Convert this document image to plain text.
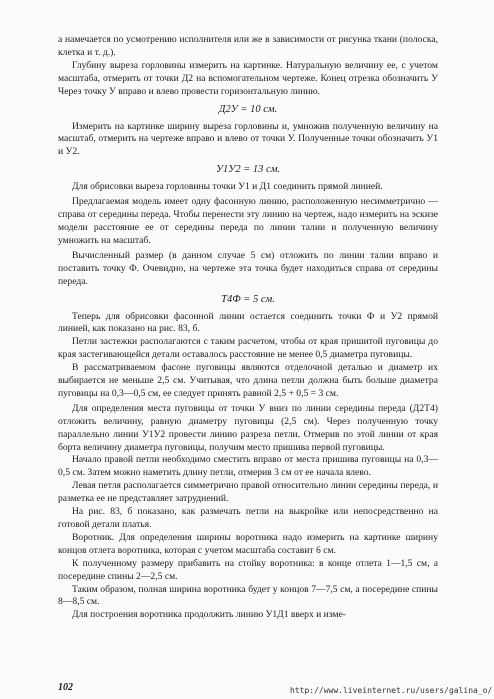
а намечается по усмотрению исполнителя или же в зависимости от рисунка ткани (полоска, клетка и т. д.).

Глубину выреза горловины измерить на картинке. Натуральную величину ее, с учетом масштаба, отмерить от точки Д2 на вспомогательном чертеже. Конец отрезка обозначить У Через точку У вправо и влево провести горизонтальную линию.

Д2У = 10 см.

Измерить на картинке ширину выреза горловины и, умножив полученную величину на масштаб, отмерить на чертеже вправо и влево от точки У. Полученные точки обозначить У1 и У2.

У1У2 = 13 см.

Для обрисовки выреза горловины точки У1 и Д1 соединить прямой линией.

Предлагаемая модель имеет одну фасонную линию, расположенную несимметрично — справа от середины переда. Чтобы перенести эту линию на чертеж, надо измерить на эскизе модели расстояние ее от середины переда по линии талии и полученную величину умножить на масштаб.

Вычисленный размер (в данном случае 5 см) отложить по линии талии вправо и поставить точку Ф. Очевидно, на чертеже эта точка будет находиться справа от середины переда.

Т4Ф = 5 см.

Теперь для обрисовки фасонной линии остается соединить точки Ф и У2 прямой линией, как показано на рис. 83, б.

Петли застежки располагаются с таким расчетом, чтобы от края пришитой пуговицы до края застегивающейся детали оставалось расстояние не менее 0,5 диаметра пуговицы.

В рассматриваемом фасоне пуговицы являются отделочной деталью и диаметр их выбирается не меньше 2,5 см. Учитывая, что длина петли должна быть больше диаметра пуговицы на 0,3—0,5 см, ее следует принять равной 2,5 + 0,5 = 3 см.

Для определения места пуговицы от точки У вниз по линии середины переда (Д2Т4) отложить величину, равную диаметру пуговицы (2,5 см). Через полученную точку параллельно линии У1У2 провести линию разреза петли. Отмерив по этой линии от края борта величину диаметра пуговицы, получим место пришива первой пуговицы.

Начало правой петли необходимо сместить вправо от места пришива пуговицы на 0,3—0,5 см. Затем можно наметить длину петли, отмерив 3 см от ее начала влево.

Левая петля располагается симметрично правой относительно линии середины переда, и разметка ее не представляет затруднений.

На рис. 83, б показано, как размечать петли на выкройке или непосредственно на готовой детали платья.

Воротник. Для определения ширины воротника надо измерить на картинке ширину концов отлета воротника, которая с учетом масштаба составит 6 см.

К полученному размеру прибавить на стойку воротника: в конце отлета 1—1,5 см, а посередине спины 2—2,5 см.

Таким образом, полная ширина воротника будет у концов 7—7,5 см, а посередине спины 8—8,5 см.

Для построения воротника продолжить линию У1Д1 вверх и изме-

102	http://www.liveinternet.ru/users/galina_o/
